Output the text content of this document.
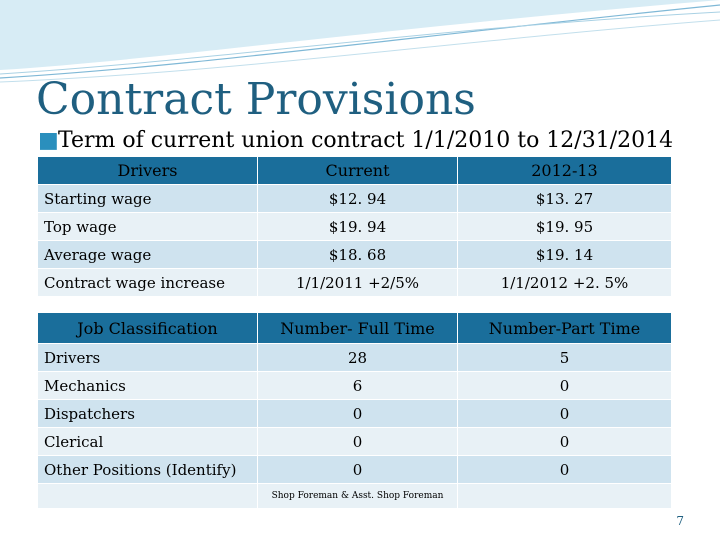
Contract Provisions
■Term of current union contract 1/1/2010 to 12/31/2014
Drivers	Current	2012-13
Starting wage	$12. 94	$13. 27
Top wage	$19. 94	$19. 95
Average wage	$18. 68	$19. 14
Contract wage increase	1/1/2011 +2/5%	1/1/2012 +2. 5%
Job Classification	Number- Full Time	Number-Part Time
Drivers	28	5
Mechanics	6	0
Dispatchers	0	0
Clerical	0	0
Other Positions (Identify)	0	0
	Shop Foreman & Asst. Shop Foreman	
7
